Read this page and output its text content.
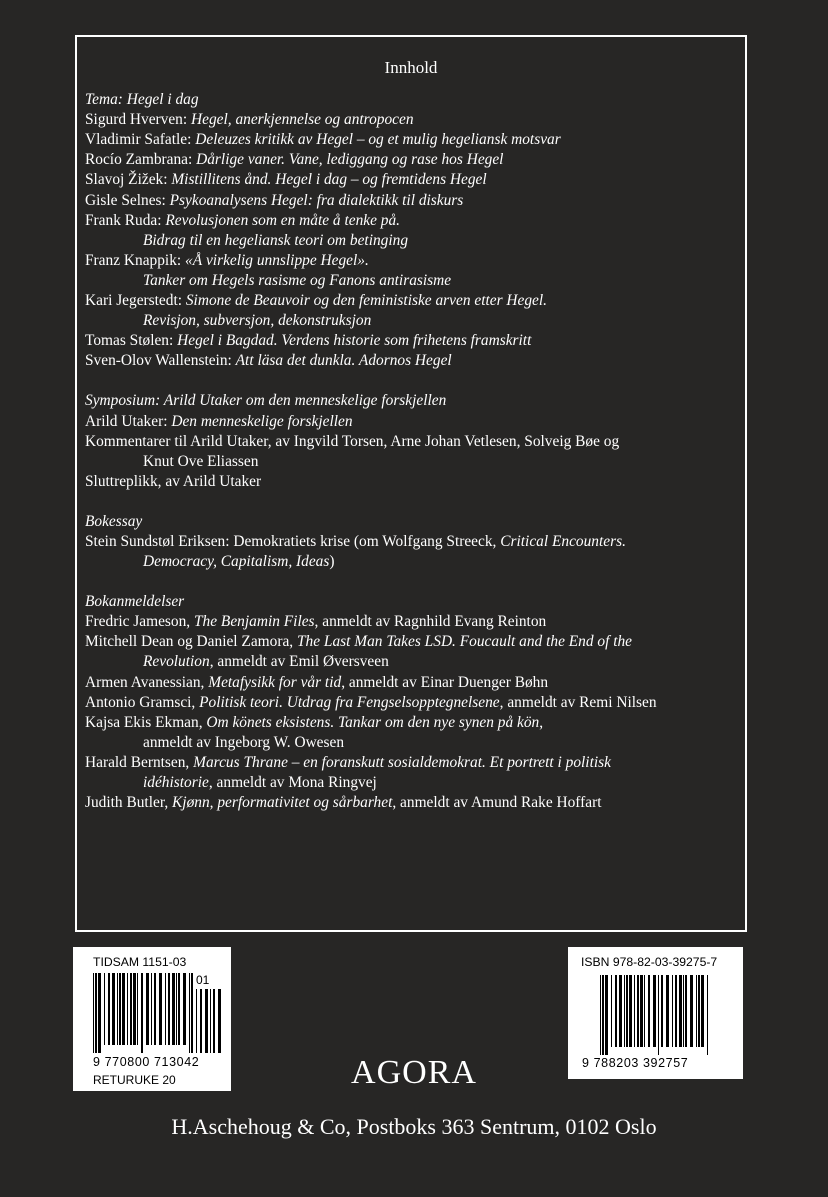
Innhold
Tema: Hegel i dag
Sigurd Hverven: Hegel, anerkjennelse og antropocen
Vladimir Safatle: Deleuzes kritikk av Hegel – og et mulig hegeliansk motsvar
Rocío Zambrana: Dårlige vaner. Vane, lediggang og rase hos Hegel
Slavoj Žižek: Mistillitens ånd. Hegel i dag – og fremtidens Hegel
Gisle Selnes: Psykoanalysens Hegel: fra dialektikk til diskurs
Frank Ruda: Revolusjonen som en måte å tenke på.
Bidrag til en hegeliansk teori om betinging
Franz Knappik: «Å virkelig unnslippe Hegel».
Tanker om Hegels rasisme og Fanons antirasisme
Kari Jegerstedt: Simone de Beauvoir og den feministiske arven etter Hegel.
Revisjon, subversjon, dekonstruksjon
Tomas Stølen: Hegel i Bagdad. Verdens historie som frihetens framskritt
Sven-Olov Wallenstein: Att läsa det dunkla. Adornos Hegel
Symposium: Arild Utaker om den menneskelige forskjellen
Arild Utaker: Den menneskelige forskjellen
Kommentarer til Arild Utaker, av Ingvild Torsen, Arne Johan Vetlesen, Solveig Bøe og
Knut Ove Eliassen
Sluttreplikk, av Arild Utaker
Bokessay
Stein Sundstøl Eriksen: Demokratiets krise (om Wolfgang Streeck, Critical Encounters.
Democracy, Capitalism, Ideas)
Bokanmeldelser
Fredric Jameson, The Benjamin Files, anmeldt av Ragnhild Evang Reinton
Mitchell Dean og Daniel Zamora, The Last Man Takes LSD. Foucault and the End of the
Revolution, anmeldt av Emil Øversveen
Armen Avanessian, Metafysikk for vår tid, anmeldt av Einar Duenger Bøhn
Antonio Gramsci, Politisk teori. Utdrag fra Fengselsopptegnelsene, anmeldt av Remi Nilsen
Kajsa Ekis Ekman, Om könets eksistens. Tankar om den nye synen på kön,
anmeldt av Ingeborg W. Owesen
Harald Berntsen, Marcus Thrane – en foranskutt sosialdemokrat. Et portrett i politisk
idéhistorie, anmeldt av Mona Ringvej
Judith Butler, Kjønn, performativitet og sårbarhet, anmeldt av Amund Rake Hoffart
TIDSAM 1151-03
01
9 770800 713042
RETURUKE 20
ISBN 978-82-03-39275-7
9 788203 392757
AGORA
H.Aschehoug & Co, Postboks 363 Sentrum, 0102 Oslo
